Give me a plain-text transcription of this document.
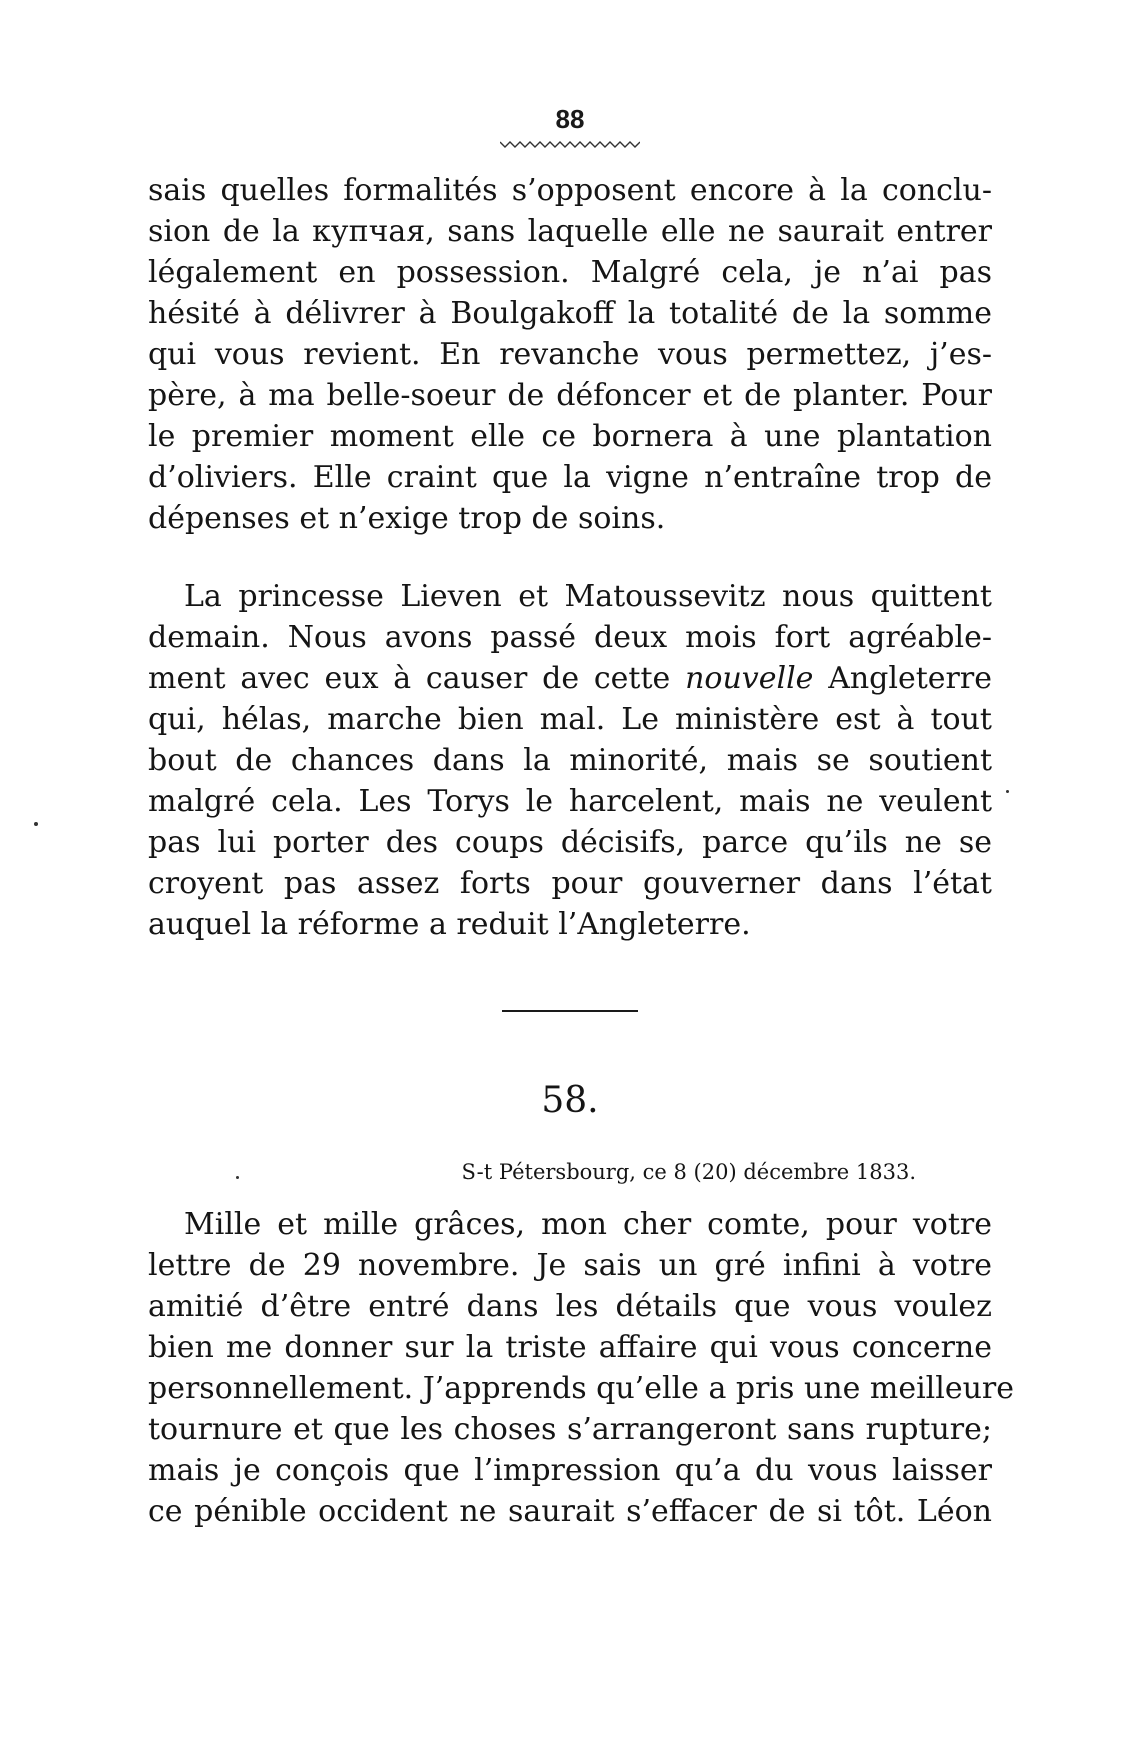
88
sais quelles formalités s’opposent encore à la conclu-
sion de la купчая, sans laquelle elle ne saurait entrer
légalement en possession. Malgré cela, je n’ai pas
hésité à délivrer à Boulgakoff la totalité de la somme
qui vous revient. En revanche vous permettez, j’es-
père, à ma belle-soeur de défoncer et de planter. Pour
le premier moment elle ce bornera à une plantation
d’oliviers. Elle craint que la vigne n’entraîne trop de
dépenses et n’exige trop de soins.
La princesse Lieven et Matoussevitz nous quittent
demain. Nous avons passé deux mois fort agréable-
ment avec eux à causer de cette nouvelle Angleterre
qui, hélas, marche bien mal. Le ministère est à tout
bout de chances dans la minorité, mais se soutient
malgré cela. Les Torys le harcelent, mais ne veulent
pas lui porter des coups décisifs, parce qu’ils ne se
croyent pas assez forts pour gouverner dans l’état
auquel la réforme a reduit l’Angleterre.
58.
S-t Pétersbourg, ce 8 (20) décembre 1833.
Mille et mille grâces, mon cher comte, pour votre
lettre de 29 novembre. Je sais un gré infini à votre
amitié d’être entré dans les détails que vous voulez
bien me donner sur la triste affaire qui vous concerne
personnellement. J’apprends qu’elle a pris une meilleure
tournure et que les choses s’arrangeront sans rupture;
mais je conçois que l’impression qu’a du vous laisser
ce pénible occident ne saurait s’effacer de si tôt. Léon
